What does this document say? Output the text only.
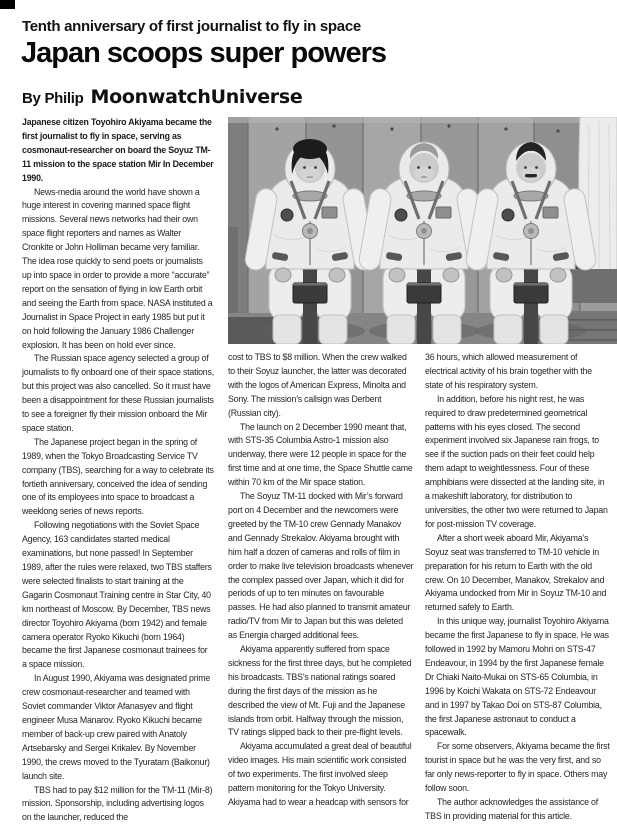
Tenth anniversary of first journalist to fly in space
Japan scoops super powers
By Philip MoonwatchUniverse

Japanese citizen Toyohiro Akiyama became the first journalist to fly in space, serving as cosmonaut-researcher on board the Soyuz TM-11 mission to the space station Mir In December 1990.

News-media around the world have shown a huge interest in covering manned space flight missions. Several news networks had their own space flight reporters and names as Walter Cronkite or John Holliman became very familiar. The idea rose quickly to send poets or journalists up into space in order to provide a more “accurate” report on the sensation of flying in low Earth orbit and seeing the Earth from space. NASA instituted a Journalist in Space Project in early 1985 but put it on hold following the January 1986 Challenger explosion. It has been on hold ever since.

The Russian space agency selected a group of journalists to fly onboard one of their space stations, but this project was also cancelled. So it must have been a disappointment for these Russian journalists to see a foreigner fly their mission onboard the Mir space station.

The Japanese project began in the spring of 1989, when the Tokyo Broadcasting Service TV company (TBS), searching for a way to celebrate its fortieth anniversary, conceived the idea of sending one of its employees into space to broadcast a weeklong series of news reports.

Following negotiations with the Soviet Space Agency, 163 candidates started medical examinations, but none passed! In September 1989, after the rules were relaxed, two TBS staffers were selected finalists to start training at the Gagarin Cosmonaut Training centre in Star City, 40 km northeast of Moscow. By December, TBS news director Toyohiro Akiyama (born 1942) and female camera operator Ryoko Kikuchi (born 1964) became the first Japanese cosmonaut trainees for a space mission.

In August 1990, Akiyama was designated prime crew cosmonaut-researcher and teamed with Soviet commander Viktor Afanasyev and flight engineer Musa Manarov. Ryoko Kikuchi became member of back-up crew paired with Anatoly Artsebarsky and Sergei Krikalev. By November 1990, the crews moved to the Tyuratam (Baikonur) launch site.

TBS had to pay $12 million for the TM-11 (Mir-8) mission. Sponsorship, including advertising logos on the launcher, reduced the

cost to TBS to $8 million. When the crew walked to their Soyuz launcher, the latter was decorated with the logos of American Express, Minolta and Sony. The mission’s callsign was Derbent (Russian city).

The launch on 2 December 1990 meant that, with STS-35 Columbia Astro-1 mission also underway, there were 12 people in space for the first time and at one time, the Space Shuttle came within 70 km of the Mir space station.

The Soyuz TM-11 docked with Mir’s forward port on 4 December and the newcomers were greeted by the TM-10 crew Gennady Manakov and Gennady Strekalov. Akiyama brought with him half a dozen of cameras and rolls of film in order to make live television broadcasts whenever the complex passed over Japan, which it did for periods of up to ten minutes on favourable passes. He had also planned to transmit amateur radio/TV from Mir to Japan but this was deleted as Energia charged additional fees.

Akiyama apparently suffered from space sickness for the first three days, but he completed his broadcasts. TBS’s national ratings soared during the first days of the mission as he described the view of Mt. Fuji and the Japanese islands from orbit. Halfway through the mission, TV ratings slipped back to their pre-flight levels.

Akiyama accumulated a great deal of beautiful video images. His main scientific work consisted of two experiments. The first involved sleep pattern monitoring for the Tokyo University. Akiyama had to wear a headcap with sensors for

36 hours, which allowed measurement of electrical activity of his brain together with the state of his respiratory system.

In addition, before his night rest, he was required to draw predetermined geometrical patterns with his eyes closed. The second experiment involved six Japanese rain frogs, to see if the suction pads on their feet could help them adapt to weightlessness. Four of these amphibians were dissected at the landing site, in a makeshift laboratory, for distribution to universities, the other two were returned to Japan for post-mission TV coverage.

After a short week aboard Mir, Akiyama’s Soyuz seat was transferred to TM-10 vehicle in preparation for his return to Earth with the old crew. On 10 December, Manakov, Strekalov and Akiyama undocked from Mir in Soyuz TM-10 and returned safely to Earth.

In this unique way, journalist Toyohiro Akiyama became the first Japanese to fly in space. He was followed in 1992 by Mamoru Mohri on STS-47 Endeavour, in 1994 by the first Japanese female Dr Chiaki Naito-Mukai on STS-65 Columbia, in 1996 by Koichi Wakata on STS-72 Endeavour and in 1997 by Takao Doi on STS-87 Columbia, the first Japanese astronaut to conduct a spacewalk.

For some observers, Akiyama became the first tourist in space but he was the very first, and so far only news-reporter to fly in space. Others may follow soon.

The author acknowledges the assistance of TBS in providing material for this article.
